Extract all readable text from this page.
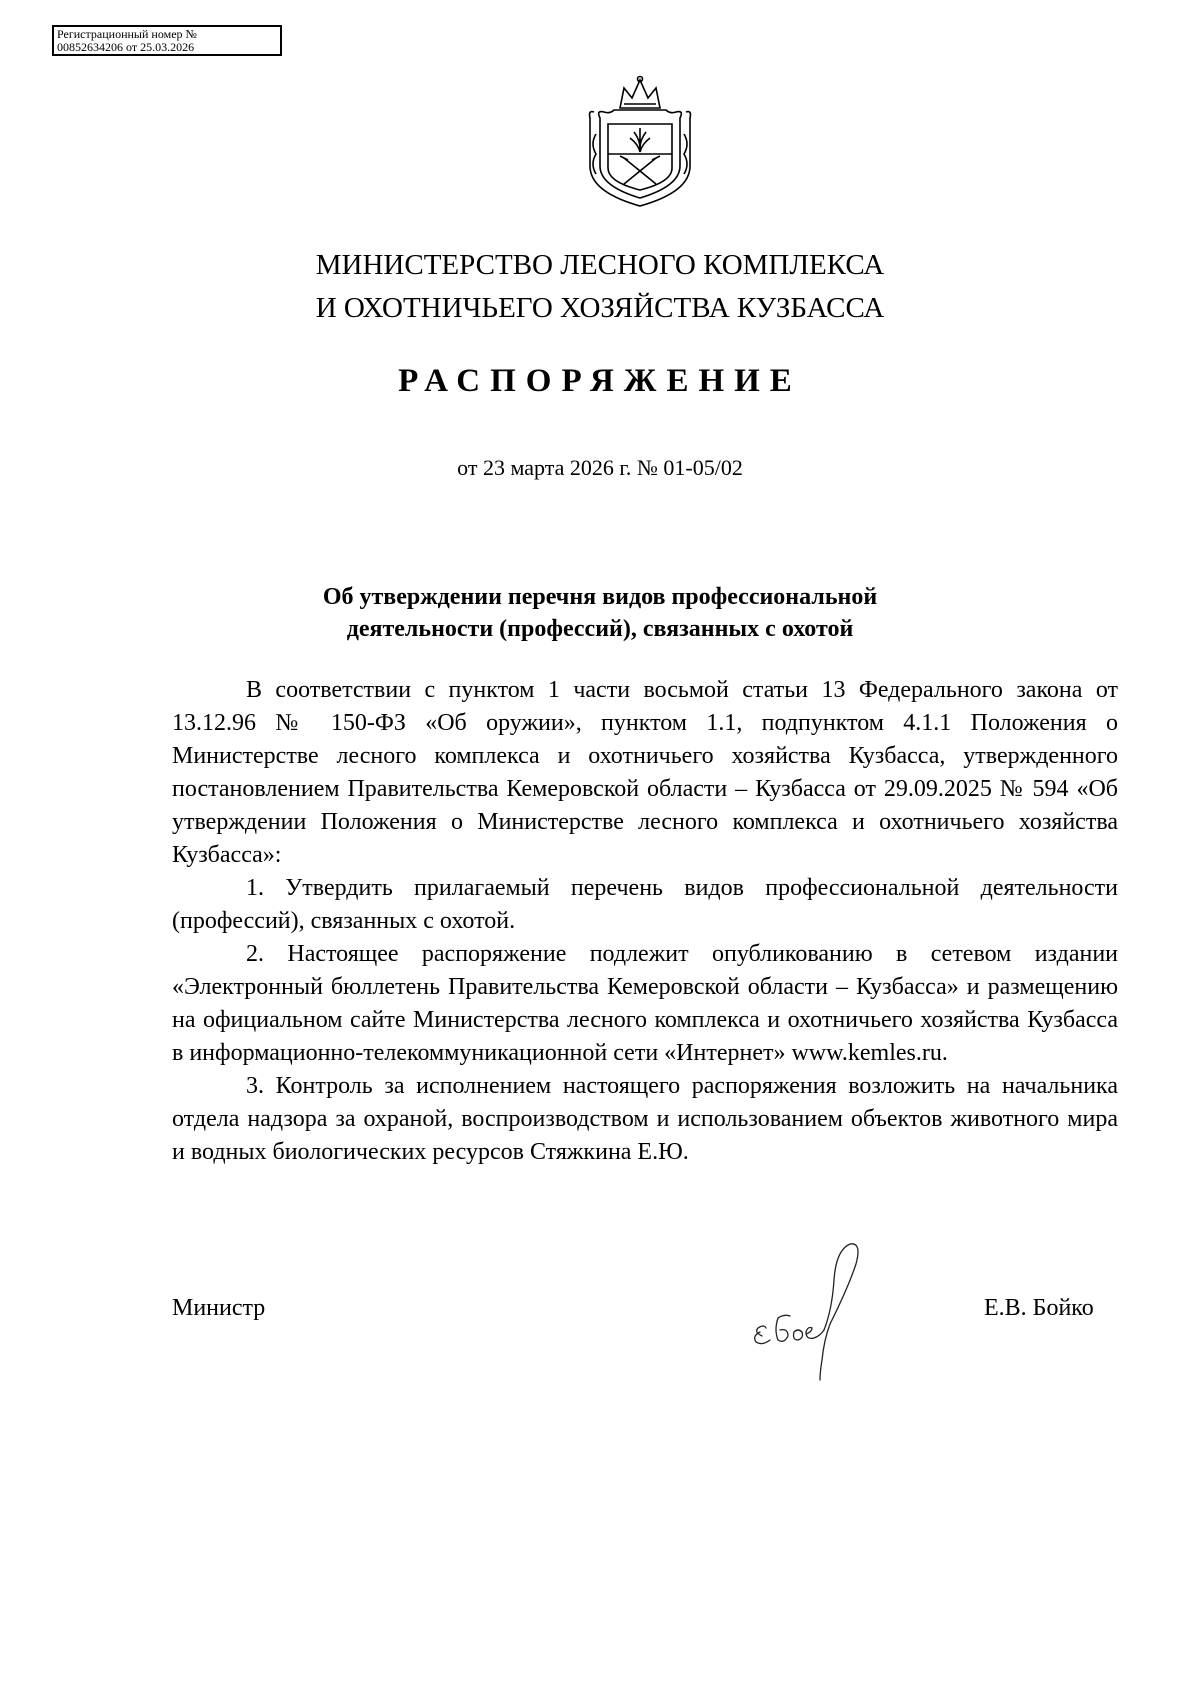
Регистрационный номер №
00852634206 от 25.03.2026
МИНИСТЕРСТВО ЛЕСНОГО КОМПЛЕКСА
И ОХОТНИЧЬЕГО ХОЗЯЙСТВА КУЗБАССА
РАСПОРЯЖЕНИЕ
от 23 марта 2026 г. № 01-05/02
Об утверждении перечня видов профессиональной
деятельности (профессий), связанных с охотой

В соответствии с пунктом 1 части восьмой статьи 13 Федерального закона от 13.12.96 № 150-ФЗ «Об оружии», пунктом 1.1, подпунктом 4.1.1 Положения о Министерстве лесного комплекса и охотничьего хозяйства Кузбасса, утвержденного постановлением Правительства Кемеровской области – Кузбасса от 29.09.2025 № 594 «Об утверждении Положения о Министерстве лесного комплекса и охотничьего хозяйства Кузбасса»:

1. Утвердить прилагаемый перечень видов профессиональной деятельности (профессий), связанных с охотой.

2. Настоящее распоряжение подлежит опубликованию в сетевом издании «Электронный бюллетень Правительства Кемеровской области – Кузбасса» и размещению на официальном сайте Министерства лесного комплекса и охотничьего хозяйства Кузбасса в информационно-телекоммуникационной сети «Интернет» www.kemles.ru.

3. Контроль за исполнением настоящего распоряжения возложить на начальника отдела надзора за охраной, воспроизводством и использованием объектов животного мира и водных биологических ресурсов Стяжкина Е.Ю.

Министр	Е.В. Бойко
